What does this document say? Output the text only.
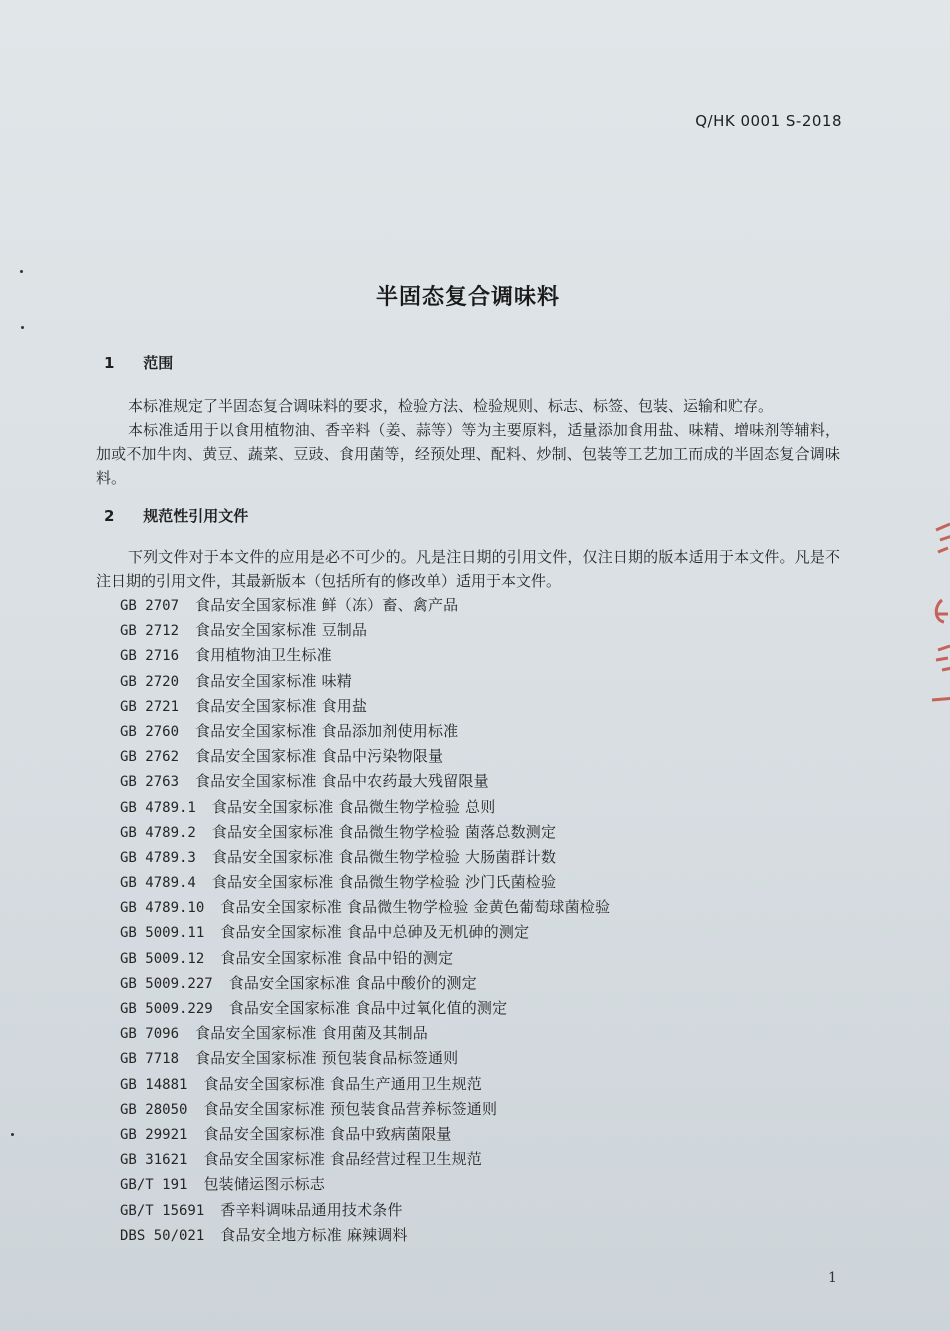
Q/HK 0001 S-2018
半固态复合调味料
1 范围

本标准规定了半固态复合调味料的要求，检验方法、检验规则、标志、标签、包装、运输和贮存。

本标准适用于以食用植物油、香辛料（姜、蒜等）等为主要原料，适量添加食用盐、味精、增味剂等辅料，加或不加牛肉、黄豆、蔬菜、豆豉、食用菌等，经预处理、配料、炒制、包装等工艺加工而成的半固态复合调味料。

2 规范性引用文件

下列文件对于本文件的应用是必不可少的。凡是注日期的引用文件，仅注日期的版本适用于本文件。凡是不注日期的引用文件，其最新版本（包括所有的修改单）适用于本文件。

GB 2707 食品安全国家标准 鲜（冻）畜、禽产品
GB 2712 食品安全国家标准 豆制品
GB 2716 食用植物油卫生标准
GB 2720 食品安全国家标准 味精
GB 2721 食品安全国家标准 食用盐
GB 2760 食品安全国家标准 食品添加剂使用标准
GB 2762 食品安全国家标准 食品中污染物限量
GB 2763 食品安全国家标准 食品中农药最大残留限量
GB 4789.1 食品安全国家标准 食品微生物学检验 总则
GB 4789.2 食品安全国家标准 食品微生物学检验 菌落总数测定
GB 4789.3 食品安全国家标准 食品微生物学检验 大肠菌群计数
GB 4789.4 食品安全国家标准 食品微生物学检验 沙门氏菌检验
GB 4789.10 食品安全国家标准 食品微生物学检验 金黄色葡萄球菌检验
GB 5009.11 食品安全国家标准 食品中总砷及无机砷的测定
GB 5009.12 食品安全国家标准 食品中铅的测定
GB 5009.227 食品安全国家标准 食品中酸价的测定
GB 5009.229 食品安全国家标准 食品中过氧化值的测定
GB 7096 食品安全国家标准 食用菌及其制品
GB 7718 食品安全国家标准 预包装食品标签通则
GB 14881 食品安全国家标准 食品生产通用卫生规范
GB 28050 食品安全国家标准 预包装食品营养标签通则
GB 29921 食品安全国家标准 食品中致病菌限量
GB 31621 食品安全国家标准 食品经营过程卫生规范
GB/T 191 包装储运图示标志
GB/T 15691 香辛料调味品通用技术条件
DBS 50/021 食品安全地方标准 麻辣调料
1
